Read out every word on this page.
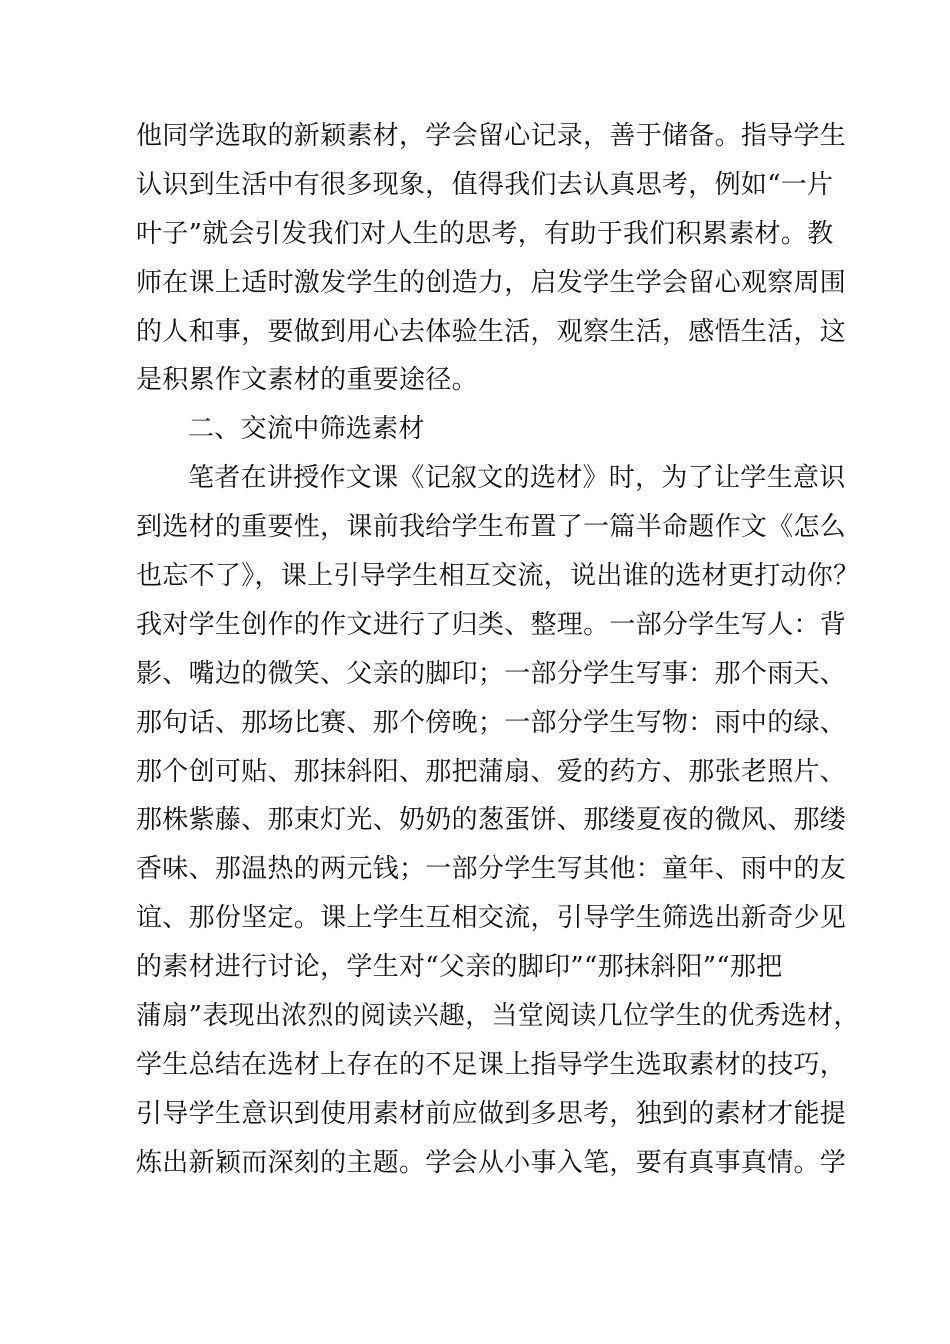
他同学选取的新颖素材，学会留心记录，善于储备。指导学生
认识到生活中有很多现象，值得我们去认真思考，例如“一片
叶子”就会引发我们对人生的思考，有助于我们积累素材。教
师在课上适时激发学生的创造力，启发学生学会留心观察周围
的人和事，要做到用心去体验生活，观察生活，感悟生活，这
是积累作文素材的重要途径。
二、交流中筛选素材
笔者在讲授作文课《记叙文的选材》时，为了让学生意识
到选材的重要性，课前我给学生布置了一篇半命题作文《怎么
也忘不了》，课上引导学生相互交流，说出谁的选材更打动你？
我对学生创作的作文进行了归类、整理。一部分学生写人：背
影、嘴边的微笑、父亲的脚印；一部分学生写事：那个雨天、
那句话、那场比赛、那个傍晚；一部分学生写物：雨中的绿、
那个创可贴、那抹斜阳、那把蒲扇、爱的药方、那张老照片、
那株紫藤、那束灯光、奶奶的葱蛋饼、那缕夏夜的微风、那缕
香味、那温热的两元钱；一部分学生写其他：童年、雨中的友
谊、那份坚定。课上学生互相交流，引导学生筛选出新奇少见
的素材进行讨论，学生对“父亲的脚印”“那抹斜阳”“那把
蒲扇”表现出浓烈的阅读兴趣，当堂阅读几位学生的优秀选材，
学生总结在选材上存在的不足课上指导学生选取素材的技巧，
引导学生意识到使用素材前应做到多思考，独到的素材才能提
炼出新颖而深刻的主题。学会从小事入笔，要有真事真情。学
